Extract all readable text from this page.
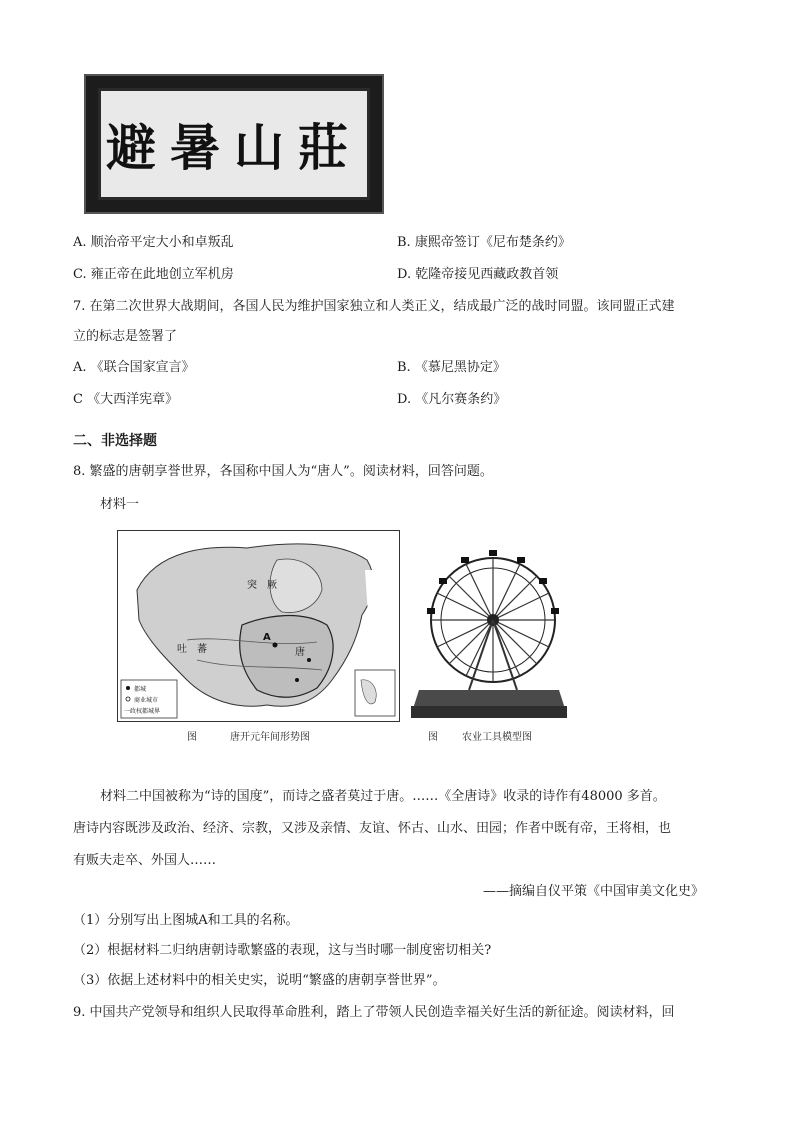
避暑山莊
A. 顺治帝平定大小和卓叛乱	B. 康熙帝签订《尼布楚条约》
C. 雍正帝在此地创立军机房	D. 乾隆帝接见西藏政教首领
7. 在第二次世界大战期间，各国人民为维护国家独立和人类正义，结成最广泛的战时同盟。该同盟正式建
立的标志是签署了
A. 《联合国家宣言》	B. 《慕尼黑协定》
C 《大西洋宪章》	D. 《凡尔赛条约》
二、非选择题
8. 繁盛的唐朝享誉世界，各国称中国人为“唐人”。阅读材料，回答问题。
材料一
突　厥
吐　蕃	唐
A
都城
商业城市
一政权都城界
图	唐开元年间形势图	图 农业工具模型图
材料二中国被称为“诗的国度”，而诗之盛者莫过于唐。……《全唐诗》收录的诗作有48000 多首。
唐诗内容既涉及政治、经济、宗教，又涉及亲情、友谊、怀古、山水、田园；作者中既有帝，王将相，也
有贩夫走卒、外国人……
——摘编自仪平策《中国审美文化史》
（1）分别写出上图城A和工具的名称。
（2）根据材料二归纳唐朝诗歌繁盛的表现，这与当时哪一制度密切相关?
（3）依据上述材料中的相关史实，说明“繁盛的唐朝享誉世界”。
9. 中国共产党领导和组织人民取得革命胜利，踏上了带领人民创造幸福关好生活的新征途。阅读材料，回
